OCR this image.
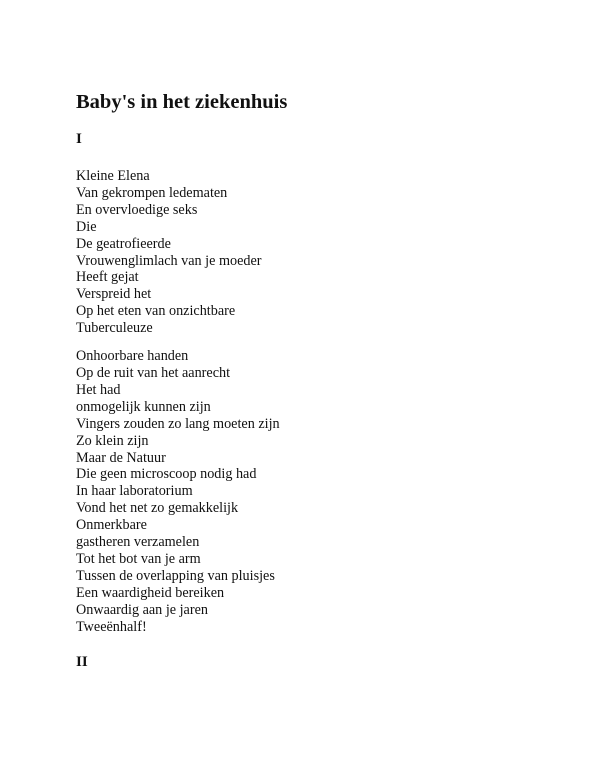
Baby's in het ziekenhuis
I

Kleine Elena
Van gekrompen ledematen
En overvloedige seks
Die
De geatrofieerde
Vrouwenglimlach van je moeder
Heeft gejat
Verspreid het
Op het eten van onzichtbare
Tuberculeuze

Onhoorbare handen
Op de ruit van het aanrecht
Het had
onmogelijk kunnen zijn
Vingers zouden zo lang moeten zijn
Zo klein zijn
Maar de Natuur
Die geen microscoop nodig had
In haar laboratorium
Vond het net zo gemakkelijk
Onmerkbare
gastheren verzamelen
Tot het bot van je arm
Tussen de overlapping van pluisjes
Een waardigheid bereiken
Onwaardig aan je jaren
Tweeënhalf!

II
